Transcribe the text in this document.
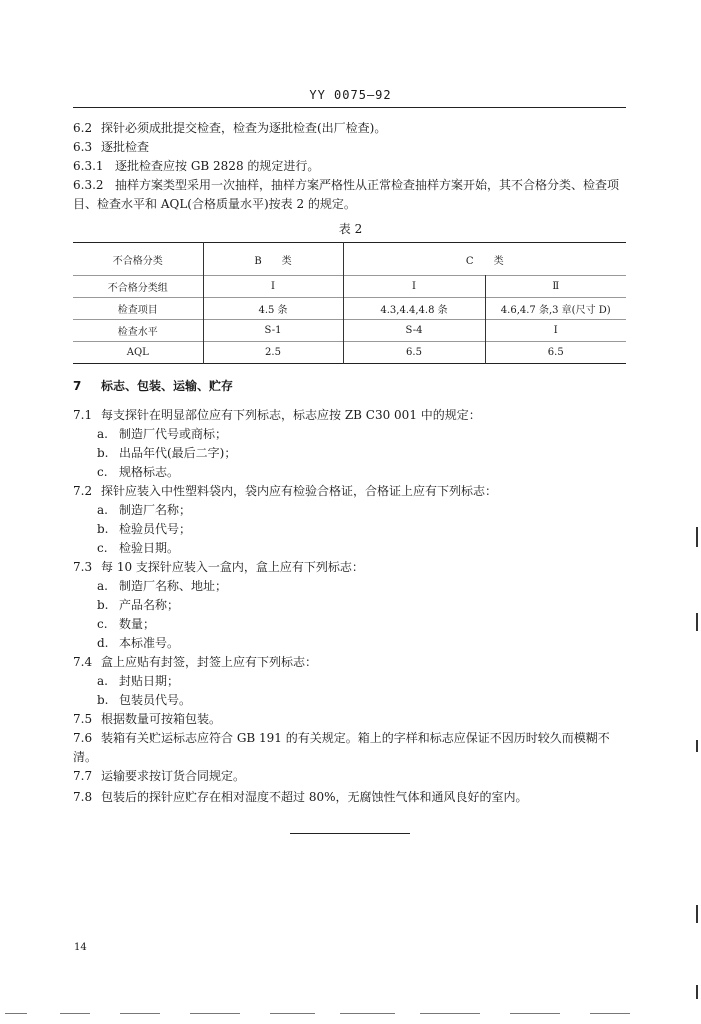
YY 0075—92
6.2 探针必须成批提交检查，检查为逐批检查(出厂检查)。
6.3 逐批检查
6.3.1 逐批检查应按 GB 2828 的规定进行。
6.3.2 抽样方案类型采用一次抽样，抽样方案严格性从正常检查抽样方案开始，其不合格分类、检查项
目、检查水平和 AQL(合格质量水平)按表 2 的规定。
表 2
不合格分类	B　　类	C　　类	
不合格分类组	I	I	Ⅱ
检查项目	4.5 条	4.3,4.4,4.8 条	4.6,4.7 条,3 章(尺寸 D)
检查水平	S-1	S-4	I
AQL	2.5	6.5	6.5
7 标志、包装、运输、贮存
7.1 每支探针在明显部位应有下列标志，标志应按 ZB C30 001 中的规定：
a. 制造厂代号或商标；
b. 出品年代(最后二字)；
c. 规格标志。
7.2 探针应装入中性塑料袋内，袋内应有检验合格证，合格证上应有下列标志：
a. 制造厂名称；
b. 检验员代号；
c. 检验日期。
7.3 每 10 支探针应装入一盒内，盒上应有下列标志：
a. 制造厂名称、地址；
b. 产品名称；
c. 数量；
d. 本标准号。
7.4 盒上应贴有封签，封签上应有下列标志：
a. 封贴日期；
b. 包装员代号。
7.5 根据数量可按箱包装。
7.6 装箱有关贮运标志应符合 GB 191 的有关规定。箱上的字样和标志应保证不因历时较久而模糊不
清。
7.7 运输要求按订货合同规定。
7.8 包装后的探针应贮存在相对湿度不超过 80%，无腐蚀性气体和通风良好的室内。
14
